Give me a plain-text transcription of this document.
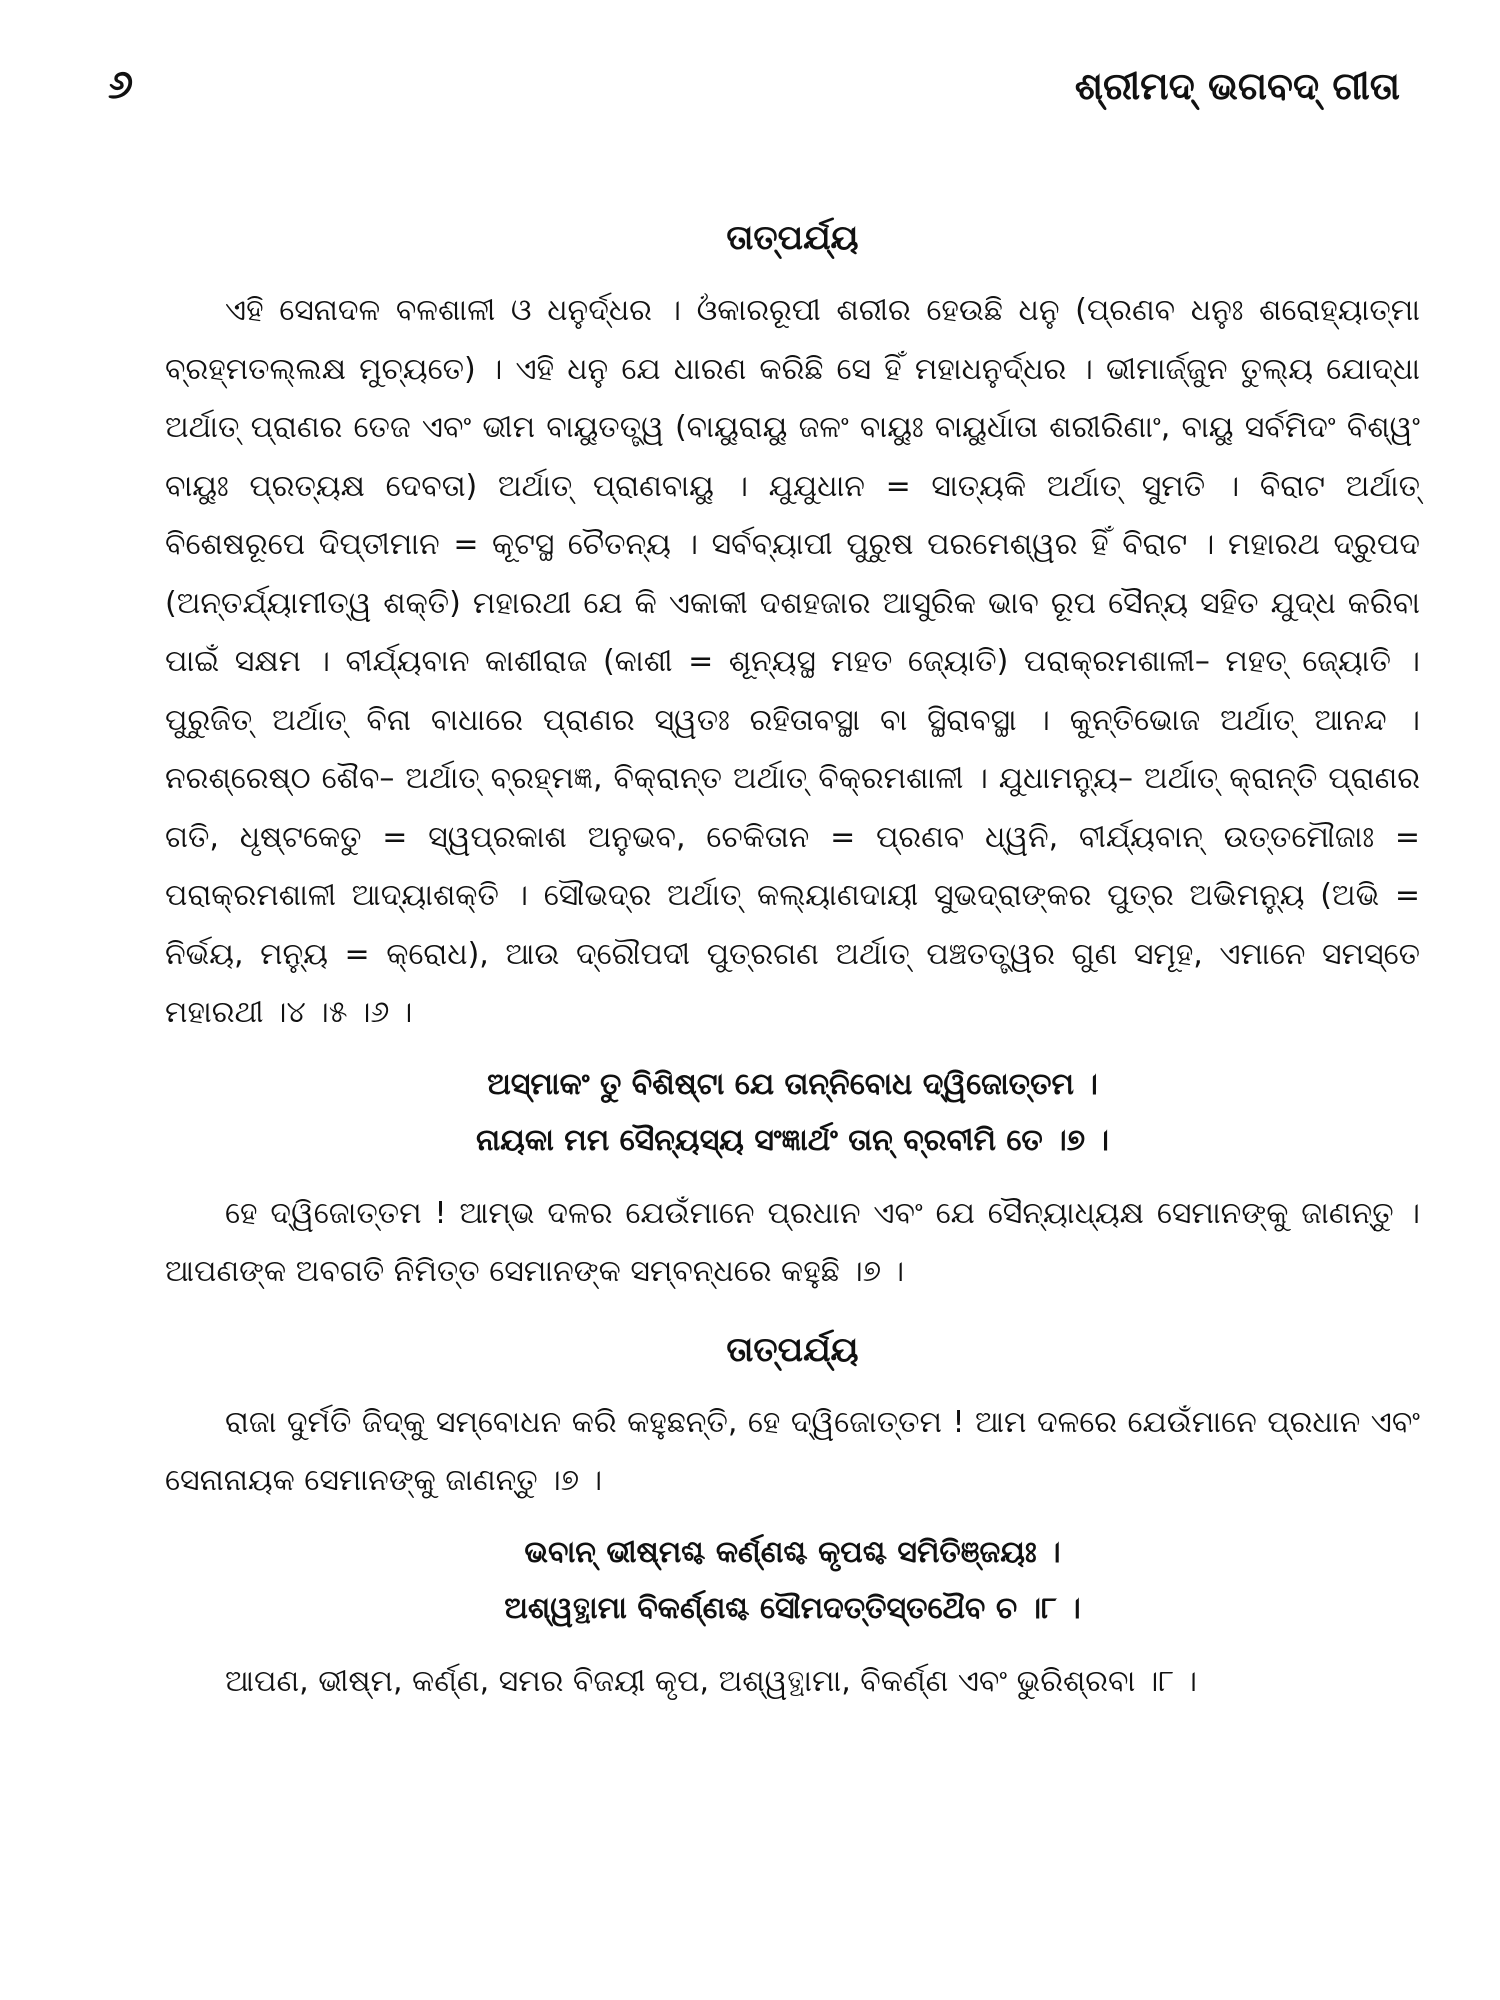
୬	ଶ୍ରୀମଦ୍ ଭଗବଦ୍ ଗୀତା
ତାତ୍ପର୍ଯ୍ୟ

ଏହି ସେନାଦଳ ବଳଶାଳୀ ଓ ଧନୁର୍ଦ୍ଧର । ଓଁକାରରୂପୀ ଶରୀର ହେଉଛି ଧନୁ (ପ୍ରଣବ ଧନୁଃ ଶରୋହ୍ୟାତ୍ମା ବ୍ରହ୍ମତଲ୍ଲକ୍ଷ ମୁଚ୍ୟତେ) । ଏହି ଧନୁ ଯେ ଧାରଣ କରିଛି ସେ ହିଁ ମହାଧନୁର୍ଦ୍ଧର । ଭୀମାର୍ଜ୍ଜୁନ ତୁଲ୍ୟ ଯୋଦ୍ଧା ଅର୍ଥାତ୍ ପ୍ରାଣର ତେଜ ଏବଂ ଭୀମ ବାୟୁତତ୍ତ୍ୱ (ବାୟୁରାୟୁ ଜଳଂ ବାୟୁଃ ବାୟୁର୍ଧାତା ଶରୀରିଣାଂ, ବାୟୁ ସର୍ବମିଦଂ ବିଶ୍ୱଂ ବାୟୁଃ ପ୍ରତ୍ୟକ୍ଷ ଦେବତା) ଅର୍ଥାତ୍ ପ୍ରାଣବାୟୁ । ଯୁଯୁଧାନ = ସାତ୍ୟକି ଅର୍ଥାତ୍ ସୁମତି । ବିରାଟ ଅର୍ଥାତ୍ ବିଶେଷରୂପେ ଦିପ୍ତୀମାନ = କୂଟସ୍ଥ ଚୈତନ୍ୟ । ସର୍ବବ୍ୟାପୀ ପୁରୁଷ ପରମେଶ୍ୱର ହିଁ ବିରାଟ । ମହାରଥ ଦ୍ରୁପଦ (ଅନ୍ତର୍ଯ୍ୟାମୀତ୍ୱ ଶକ୍ତି) ମହାରଥୀ ଯେ କି ଏକାକୀ ଦଶହଜାର ଆସୁରିକ ଭାବ ରୂପ ସୈନ୍ୟ ସହିତ ଯୁଦ୍ଧ କରିବା ପାଇଁ ସକ୍ଷମ । ବୀର୍ଯ୍ୟବାନ କାଶୀରାଜ (କାଶୀ = ଶୂନ୍ୟସ୍ଥ ମହତ ଜ୍ୟୋତି) ପରାକ୍ରମଶାଳୀ– ମହତ୍ ଜ୍ୟୋତି । ପୁରୁଜିତ୍ ଅର୍ଥାତ୍ ବିନା ବାଧାରେ ପ୍ରାଣର ସ୍ୱତଃ ରହିତାବସ୍ଥା ବା ସ୍ଥିରାବସ୍ଥା । କୁନ୍ତିଭୋଜ ଅର୍ଥାତ୍ ଆନନ୍ଦ । ନରଶ୍ରେଷ୍ଠ ଶୈବ– ଅର୍ଥାତ୍ ବ୍ରହ୍ମଜ୍ଞ, ବିକ୍ରାନ୍ତ ଅର୍ଥାତ୍ ବିକ୍ରମଶାଳୀ । ଯୁଧାମନ୍ୟୁ– ଅର୍ଥାତ୍ କ୍ରାନ୍ତି ପ୍ରାଣର ଗତି, ଧୃଷ୍ଟକେତୁ = ସ୍ୱପ୍ରକାଶ ଅନୁଭବ, ଚେକିତାନ = ପ୍ରଣବ ଧ୍ୱନି, ବୀର୍ଯ୍ୟବାନ୍ ଉତ୍ତମୌଜାଃ = ପରାକ୍ରମଶାଳୀ ଆଦ୍ୟାଶକ୍ତି । ସୌଭଦ୍ର ଅର୍ଥାତ୍ କଲ୍ୟାଣଦାୟୀ ସୁଭଦ୍ରାଙ୍କର ପୁତ୍ର ଅଭିମନ୍ୟୁ (ଅଭି = ନିର୍ଭୟ, ମନ୍ୟୁ = କ୍ରୋଧ), ଆଉ ଦ୍ରୌପଦୀ ପୁତ୍ରଗଣ ଅର୍ଥାତ୍ ପଞ୍ଚତତ୍ତ୍ୱର ଗୁଣ ସମୂହ, ଏମାନେ ସମସ୍ତେ ମହାରଥୀ ।୪ ।୫ ।୬ ।

ଅସ୍ମାକଂ ତୁ ବିଶିଷ୍ଟା ଯେ ତାନ୍ନିବୋଧ ଦ୍ୱିଜୋତ୍ତମ ।
ନାୟକା ମମ ସୈନ୍ୟସ୍ୟ ସଂଜ୍ଞାର୍ଥଂ ତାନ୍ ବ୍ରବୀମି ତେ ।୭ ।

ହେ ଦ୍ୱିଜୋତ୍ତମ ! ଆମ୍ଭ ଦଳର ଯେଉଁମାନେ ପ୍ରଧାନ ଏବଂ ଯେ ସୈନ୍ୟାଧ୍ୟକ୍ଷ ସେମାନଙ୍କୁ ଜାଣନ୍ତୁ । ଆପଣଙ୍କ ଅବଗତି ନିମିତ୍ତ ସେମାନଙ୍କ ସମ୍ବନ୍ଧରେ କହୁଛି ।୭ ।

ତାତ୍ପର୍ଯ୍ୟ

ରାଜା ଦୁର୍ମତି ଜିଦ୍‌କୁ ସମ୍ବୋଧନ କରି କହୁଛନ୍ତି, ହେ ଦ୍ୱିଜୋତ୍ତମ ! ଆମ ଦଳରେ ଯେଉଁମାନେ ପ୍ରଧାନ ଏବଂ ସେନାନାୟକ ସେମାନଙ୍କୁ ଜାଣନ୍ତୁ ।୭ ।

ଭବାନ୍ ଭୀଷ୍ମଶ୍ଚ କର୍ଣ୍ଣଶ୍ଚ କୃପଶ୍ଚ ସମିତିଞ୍ଜୟଃ ।
ଅଶ୍ୱତ୍ଥାମା ବିକର୍ଣ୍ଣଶ୍ଚ ସୌମଦତ୍ତିସ୍ତଥୈବ ଚ ।୮ ।

ଆପଣ, ଭୀଷ୍ମ, କର୍ଣ୍ଣ, ସମର ବିଜୟୀ କୃପ, ଅଶ୍ୱତ୍ଥାମା, ବିକର୍ଣ୍ଣ ଏବଂ ଭୁରିଶ୍ରବା ।୮ ।
